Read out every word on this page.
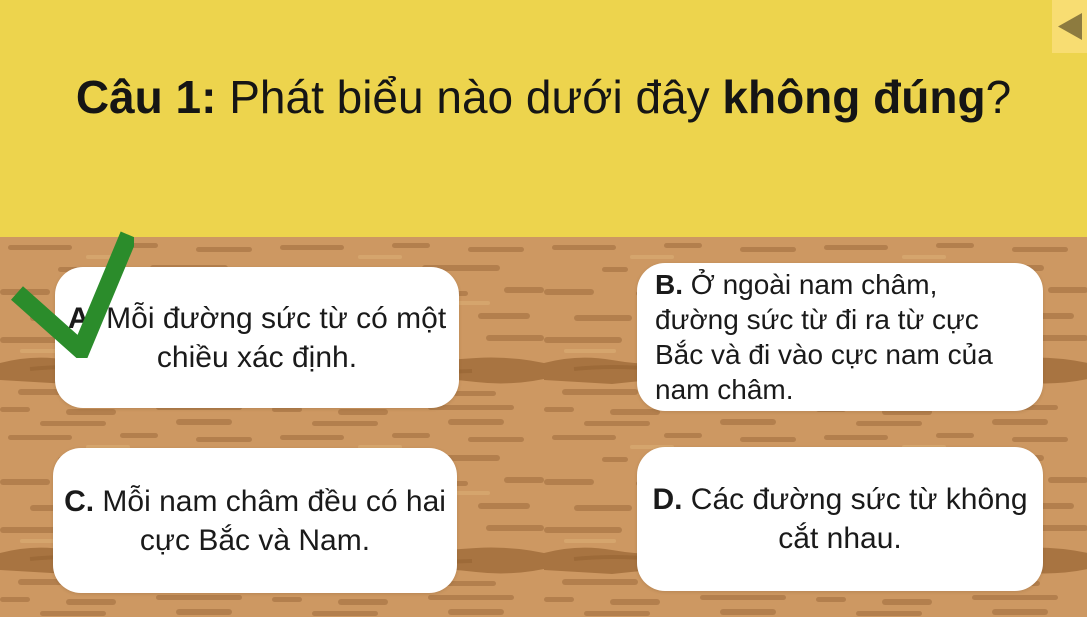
Câu 1: Phát biểu nào dưới đây không đúng?

A. Mỗi đường sức từ có một
chiều xác định.

B. Ở ngoài nam châm,
đường sức từ đi ra từ cực
Bắc và đi vào cực nam của
nam châm.

C. Mỗi nam châm đều có hai
cực Bắc và Nam.

D. Các đường sức từ không
cắt nhau.
